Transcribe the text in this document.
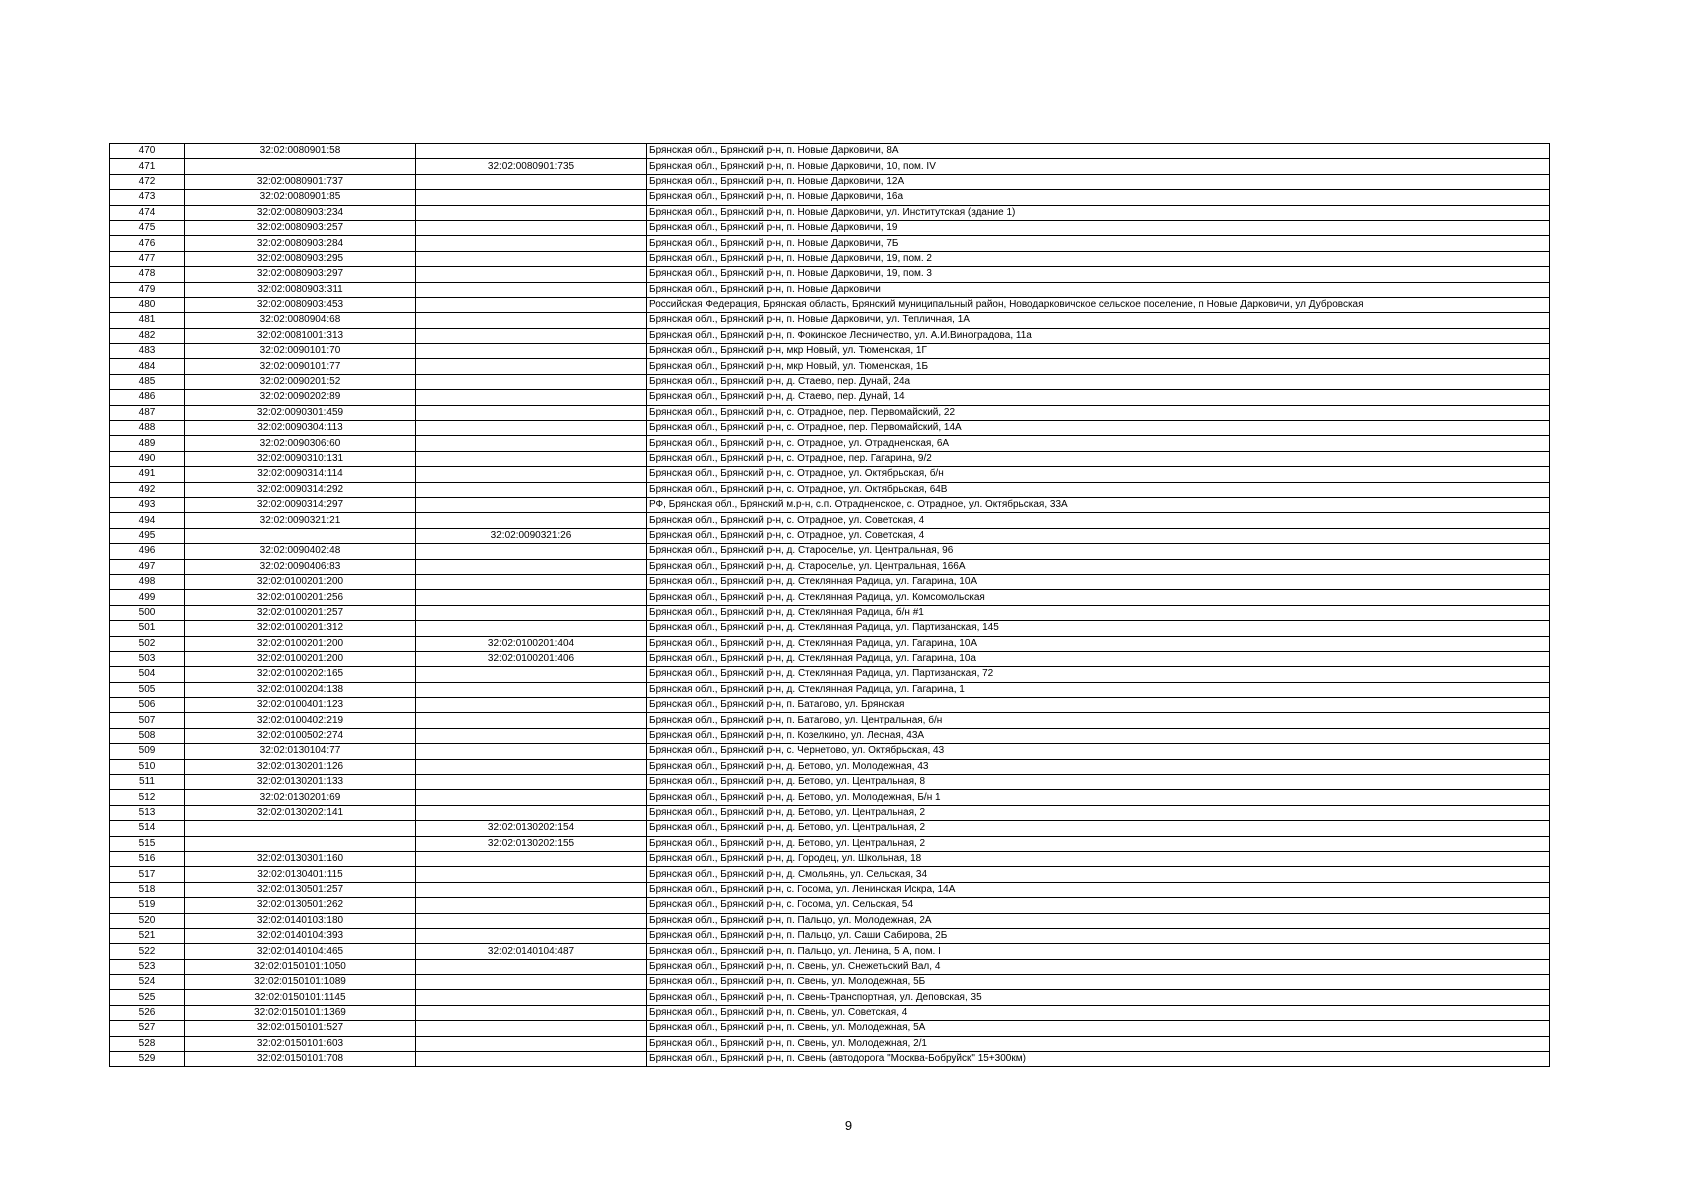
470	32:02:0080901:58		Брянская обл., Брянский р-н, п. Новые Дарковичи, 8А
471		32:02:0080901:735	Брянская обл., Брянский р-н, п. Новые Дарковичи, 10, пом. IV
472	32:02:0080901:737		Брянская обл., Брянский р-н, п. Новые Дарковичи, 12А
473	32:02:0080901:85		Брянская обл., Брянский р-н, п. Новые Дарковичи, 16а
474	32:02:0080903:234		Брянская обл., Брянский р-н, п. Новые Дарковичи, ул. Институтская (здание 1)
475	32:02:0080903:257		Брянская обл., Брянский р-н, п. Новые Дарковичи, 19
476	32:02:0080903:284		Брянская обл., Брянский р-н, п. Новые Дарковичи, 7Б
477	32:02:0080903:295		Брянская обл., Брянский р-н, п. Новые Дарковичи, 19, пом. 2
478	32:02:0080903:297		Брянская обл., Брянский р-н, п. Новые Дарковичи, 19, пом. 3
479	32:02:0080903:311		Брянская обл., Брянский р-н, п. Новые Дарковичи
480	32:02:0080903:453		Российская Федерация, Брянская область, Брянский муниципальный район, Новодарковичское сельское поселение, п Новые Дарковичи, ул Дубровская
481	32:02:0080904:68		Брянская обл., Брянский р-н, п. Новые Дарковичи, ул. Тепличная, 1А
482	32:02:0081001:313		Брянская обл., Брянский р-н, п. Фокинское Лесничество, ул. А.И.Виноградова, 11а
483	32:02:0090101:70		Брянская обл., Брянский р-н, мкр Новый, ул. Тюменская, 1Г
484	32:02:0090101:77		Брянская обл., Брянский р-н, мкр Новый, ул. Тюменская, 1Б
485	32:02:0090201:52		Брянская обл., Брянский р-н, д. Стаево, пер. Дунай, 24а
486	32:02:0090202:89		Брянская обл., Брянский р-н, д. Стаево, пер. Дунай, 14
487	32:02:0090301:459		Брянская обл., Брянский р-н, с. Отрадное, пер. Первомайский, 22
488	32:02:0090304:113		Брянская обл., Брянский р-н, с. Отрадное, пер. Первомайский, 14А
489	32:02:0090306:60		Брянская обл., Брянский р-н, с. Отрадное, ул. Отрадненская, 6А
490	32:02:0090310:131		Брянская обл., Брянский р-н, с. Отрадное, пер. Гагарина, 9/2
491	32:02:0090314:114		Брянская обл., Брянский р-н, с. Отрадное, ул. Октябрьская, б/н
492	32:02:0090314:292		Брянская обл., Брянский р-н, с. Отрадное, ул. Октябрьская, 64В
493	32:02:0090314:297		РФ, Брянская обл., Брянский м.р-н, с.п. Отрадненское, с. Отрадное, ул. Октябрьская, 33А
494	32:02:0090321:21		Брянская обл., Брянский р-н, с. Отрадное, ул. Советская, 4
495		32:02:0090321:26	Брянская обл., Брянский р-н, с. Отрадное, ул. Советская, 4
496	32:02:0090402:48		Брянская обл., Брянский р-н, д. Староселье, ул. Центральная, 96
497	32:02:0090406:83		Брянская обл., Брянский р-н, д. Староселье, ул. Центральная, 166А
498	32:02:0100201:200		Брянская обл., Брянский р-н, д. Стеклянная Радица, ул. Гагарина, 10А
499	32:02:0100201:256		Брянская обл., Брянский р-н, д. Стеклянная Радица, ул. Комсомольская
500	32:02:0100201:257		Брянская обл., Брянский р-н, д. Стеклянная Радица, б/н #1
501	32:02:0100201:312		Брянская обл., Брянский р-н, д. Стеклянная Радица, ул. Партизанская, 145
502	32:02:0100201:200	32:02:0100201:404	Брянская обл., Брянский р-н, д. Стеклянная Радица, ул. Гагарина, 10А
503	32:02:0100201:200	32:02:0100201:406	Брянская обл., Брянский р-н, д. Стеклянная Радица, ул. Гагарина, 10а
504	32:02:0100202:165		Брянская обл., Брянский р-н, д. Стеклянная Радица, ул. Партизанская, 72
505	32:02:0100204:138		Брянская обл., Брянский р-н, д. Стеклянная Радица, ул. Гагарина, 1
506	32:02:0100401:123		Брянская обл., Брянский р-н, п. Батагово, ул. Брянская
507	32:02:0100402:219		Брянская обл., Брянский р-н, п. Батагово, ул. Центральная, б/н
508	32:02:0100502:274		Брянская обл., Брянский р-н, п. Козелкино, ул. Лесная, 43А
509	32:02:0130104:77		Брянская обл., Брянский р-н, с. Чернетово, ул. Октябрьская, 43
510	32:02:0130201:126		Брянская обл., Брянский р-н, д. Бетово, ул. Молодежная, 43
511	32:02:0130201:133		Брянская обл., Брянский р-н, д. Бетово, ул. Центральная, 8
512	32:02:0130201:69		Брянская обл., Брянский р-н, д. Бетово, ул. Молодежная, Б/н 1
513	32:02:0130202:141		Брянская обл., Брянский р-н, д. Бетово, ул. Центральная, 2
514		32:02:0130202:154	Брянская обл., Брянский р-н, д. Бетово, ул. Центральная, 2
515		32:02:0130202:155	Брянская обл., Брянский р-н, д. Бетово, ул. Центральная, 2
516	32:02:0130301:160		Брянская обл., Брянский р-н, д. Городец, ул. Школьная, 18
517	32:02:0130401:115		Брянская обл., Брянский р-н, д. Смольянь, ул. Сельская, 34
518	32:02:0130501:257		Брянская обл., Брянский р-н, с. Госома, ул. Ленинская Искра, 14А
519	32:02:0130501:262		Брянская обл., Брянский р-н, с. Госома, ул. Сельская, 54
520	32:02:0140103:180		Брянская обл., Брянский р-н, п. Пальцо, ул. Молодежная, 2А
521	32:02:0140104:393		Брянская обл., Брянский р-н, п. Пальцо, ул. Саши Сабирова, 2Б
522	32:02:0140104:465	32:02:0140104:487	Брянская обл., Брянский р-н, п. Пальцо, ул. Ленина, 5 А, пом. I
523	32:02:0150101:1050		Брянская обл., Брянский р-н, п. Свень, ул. Снежетьский Вал, 4
524	32:02:0150101:1089		Брянская обл., Брянский р-н, п. Свень, ул. Молодежная, 5Б
525	32:02:0150101:1145		Брянская обл., Брянский р-н, п. Свень-Транспортная, ул. Деповская, 35
526	32:02:0150101:1369		Брянская обл., Брянский р-н, п. Свень, ул. Советская, 4
527	32:02:0150101:527		Брянская обл., Брянский р-н, п. Свень, ул. Молодежная, 5А
528	32:02:0150101:603		Брянская обл., Брянский р-н, п. Свень, ул. Молодежная, 2/1
529	32:02:0150101:708		Брянская обл., Брянский р-н, п. Свень (автодорога "Москва-Бобруйск" 15+300км)
9
